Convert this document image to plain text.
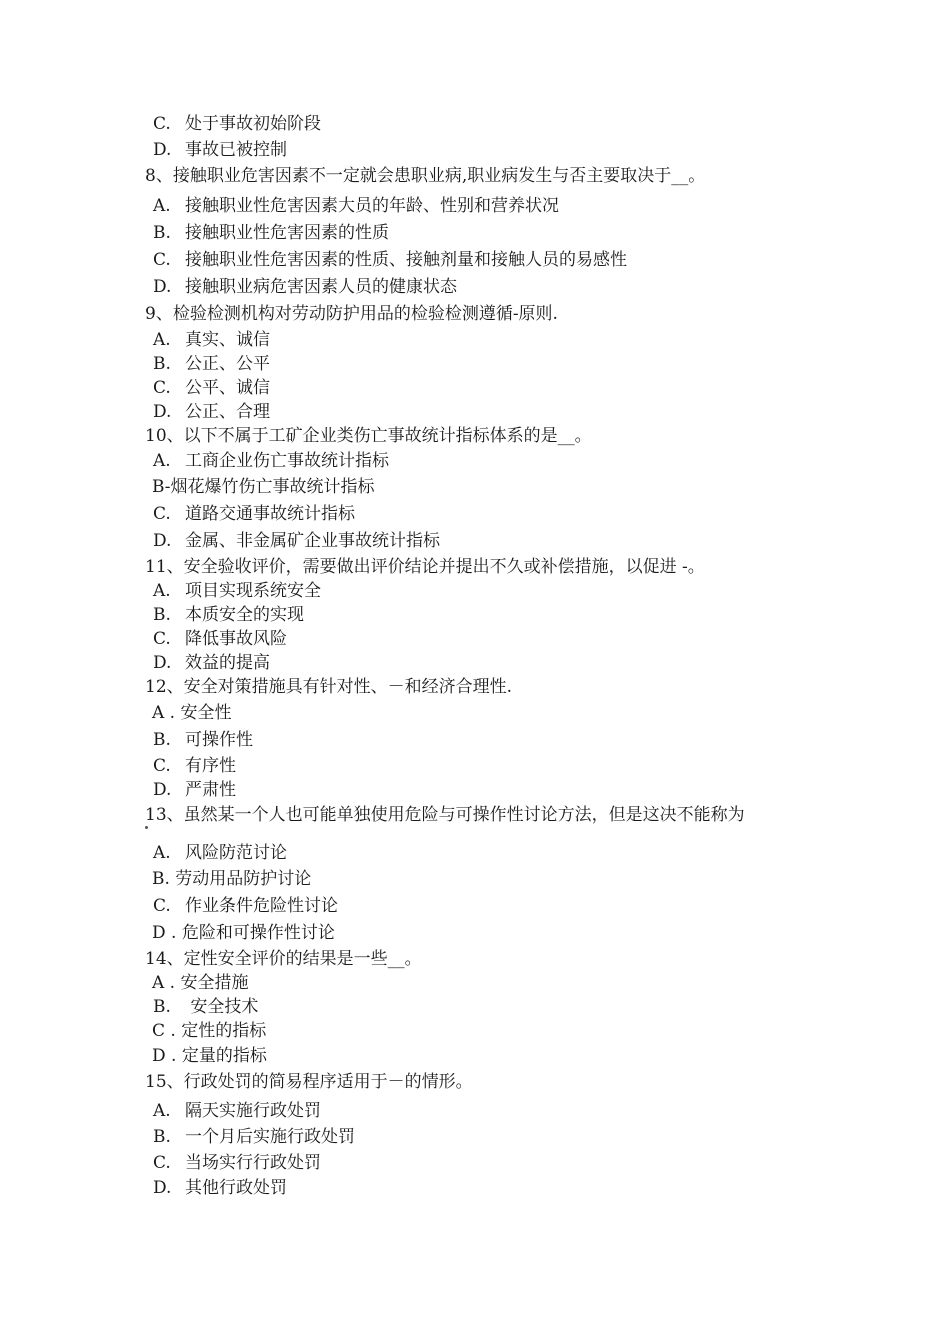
C. 处于事故初始阶段
D. 事故已被控制
8、接触职业危害因素不一定就会患职业病,职业病发生与否主要取决于__。
A. 接触职业性危害因素大员的年龄、性别和营养状况
B. 接触职业性危害因素的性质
C. 接触职业性危害因素的性质、接触剂量和接触人员的易感性
D. 接触职业病危害因素人员的健康状态
9、检验检测机构对劳动防护用品的检验检测遵循-原则.
A. 真实、诚信
B. 公正、公平
C. 公平、诚信
D. 公正、合理
10、以下不属于工矿企业类伤亡事故统计指标体系的是__。
A. 工商企业伤亡事故统计指标
B-烟花爆竹伤亡事故统计指标
C. 道路交通事故统计指标
D. 金属、非金属矿企业事故统计指标
11、安全验收评价，需要做出评价结论并提出不久或补偿措施，以促进 -。
A. 项目实现系统安全
B. 本质安全的实现
C. 降低事故风险
D. 效益的提高
12、安全对策措施具有针对性、－和经济合理性.
A . 安全性
B. 可操作性
C. 有序性
D. 严肃性
13、虽然某一个人也可能单独使用危险与可操作性讨论方法，但是这决不能称为
A. 风险防范讨论
B. 劳动用品防护讨论
C. 作业条件危险性讨论
D . 危险和可操作性讨论
14、定性安全评价的结果是一些__。
A . 安全措施
B. 安全技术
C . 定性的指标
D . 定量的指标
15、行政处罚的简易程序适用于－的情形。
A. 隔天实施行政处罚
B. 一个月后实施行政处罚
C. 当场实行行政处罚
D. 其他行政处罚
